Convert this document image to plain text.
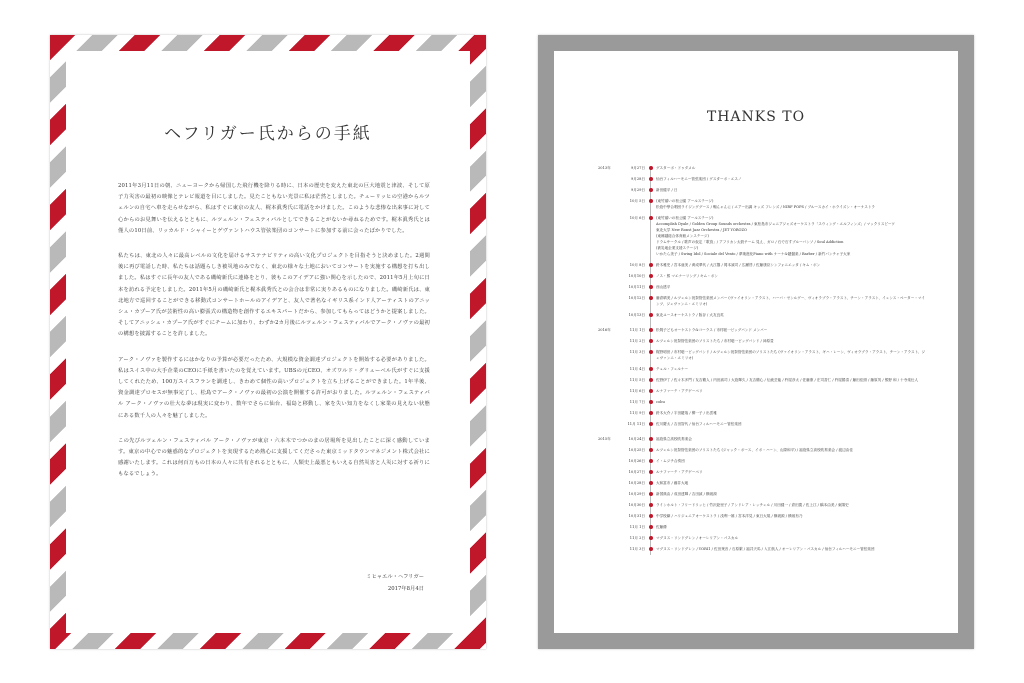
ヘフリガー氏からの手紙

2011年3月11日の朝、ニューヨークから帰国した飛行機を降りる時に、日本の歴史を変えた東北の巨大地震と津波、そして原子力災害の最初の映像とテレビ報道を目にしました。見たこともない光景に私は茫然としました。チューリッヒの空港からルツェルンの自宅へ車を走らせながら、私はすぐに東京の友人、梶本眞秀氏に電話をかけました。このような悲惨な出来事に対して心からのお見舞いを伝えるとともに、ルツェルン・フェスティバルとしてできることがないか尋ねるためです。梶本眞秀氏とは僅人の10日前、リッカルド・シャイーとゲヴァントハウス管弦楽団のコンサートに参加する前に会ったばかりでした。

私たちは、東北の人々に最高レベルの文化を届けるサステナビリティの高い文化プロジェクトを目指そうと決めました。2週間後に再び電話した時、私たちは話題らしき被災地のみでなく、東北の様々な土地においてコンサートを実施する構想を打ち出しました。私はすぐに長年の友人である磯崎新氏に連絡をとり、彼もこのアイデアに強い関心を示したので、2011年5月上旬に日本を訪れる予定をしました。2011年5月の磯崎新氏と梶本眞秀氏との会合は非常に実りあるものになりました。磯崎新氏は、東北地方で巡回することができる移動式コンサートホールのアイデアと、友人で著名なイギリス系インド人アーティストのアニッシュ・カプーア氏が芸術性の高い膨張式の構造物を創作するエキスパートだから、参加してもらってはどうかと提案しました。そしてアニッシュ・カプーア氏がすぐにチームに加わり、わずか2カ月後にルツェルン・フェスティバルでアーク・ノヴァの最初の構想を披露することを許しました。

アーク・ノヴァを製作するにはかなりの予算が必要だったため、大規模な資金調達プロジェクトを開始する必要がありました。私はスイス中の大手企業のCEOに手紙を書いたのを覚えています。UBSの元CEO、オズワルド・グリューベル氏がすぐに支援してくれたため、100万スイスフランを調達し、きわめて個性の高いプロジェクトを立ち上げることができました。1年半後、資金調達プロセスが無事完了し、松島でアーク・ノヴァの最初の公演を開催する許可がおりました。ルツェルン・フェスティバル アーク・ノヴァの壮大な夢は現実に変わり、数年でさらに仙台、福島と移動し、家を失い知力をなくし家業の見えない状態にある数千人の人々を魅了しました。

この先びルツェルン・フェスティバル アーク・ノヴァが東京・六本木でつかのまの居場所を見出したことに深く感動しています。東京の中心での魅惑的なプロジェクトを実現するため熱心に支援してくださった東京ミッドタウンマネジメント株式会社に感謝いたします。これは何百万もの日本の人々に共有されるとともに、人類史上最悪ともいえる自然災害と人災に対する祈りにもなるでしょう。

ミヒャエル・ヘフリガー
2017年8月4日
THANKS TO
2013年	9月27日	グスターボ・ドゥダメル
9月28日	仙台フィルハーモニー管弦楽団 / グスターボ・エスノ
9月29日	新田健平 / 日
10月 5日	(東竹頭いの松公園 アールステージ)
松島中學合唱団ライジンググース / 蜘んゃんに / エアー出調 キッズ フレンズ / NIRF POPS / ブルースカイ・ホライズン・オーケストラ
10月 6日	(東竹頭いの松公園 アールステージ)
Accomplish Dyale / Golden Group Sounds orchestra / 東松島市ジュニアジャズオーケストラ「スウィング・エルフィンズ」/ マックリスピーツ
東北大学 New Ronst Jazz Orchestra / JET YOROZO
(東郷越総合体育館メンステージ)
ドラムサークル / 歌声の仮定「歌鳥」/ アフリカン太鼓チーム 見え、ガロ / 石で石すブルーバンソ / Soul Addiction
(被災地企業支援ステージ)
いかたら美子 / Swing Idol / Sociale del Vento / 夢琉進化Piano with ケーナ&鍵盤楽 / Barber / 新竹パンチャ子大家
10月 8日	鈴木雅史 / 宮本亜美 / 黄成華代 / 大江馨 / 岡本誠司 / 広瀬啓 / 佐藤康臣シンフォニエッタ / キム・ボン
10月10日	ノス・熊 マエナーリング / キム・ボン
10月11日	西山透平
10月12日	藤倉晴美 / ルツェルン祝祭管弦楽団メンバー (ヴァイオリン・アラスト、ハーバ・ゼンルグー、ヴィオラブラ・アラスト、チーン・アラスト、イェンス・ペーター・マインツ、ジェヴァンニ・エミリオ)
10月13日	東北ユースオーケストラ / 阪谷 / 大友良英
2016年	11月 1日	松岡子どもオーケストラ&コーラス / 市村聡一ビッグバンド メンバー
11月 2日	ルツェルン祝祭管弦楽団のソリストたち / 市村聡一ビッグバンド / 神原豊
11月 3日	梶野明世 / 市村聡一ビッグバンド / ルツェルン祝祭管弦楽団のソリストたち (ヴァイオリン・アラスト、ギハ・レーン、ヴィオラブラ・アラスト、チーン・アラスト、ジェヴァンニ・エミリオ)
11月 4日	テュル・フェルナー
11月 5日	佐野伊丁 / 佐々木多門 / 友吉鶴人 / 内田誠司 / 大島輝久 / 友吉鶴心 / 伝統芸能 / 杵屋彦太 / 佐藤康 / 庄司香仁 / 杵屋勝清 / 藤田佳照 / 藤原茂 / 熊野 和 / 十寺楽仕人
11月 6日	ルナファーテ・アデゲーベリ
11月 7日	cobu
11月 9日	鈴木大介 / 宇田鍵哉 / 柳一子 / 出雲雅
11月 11日	佐川慶太 / 吉田智代 / 仙台フィルハーモニー管弦楽団
2015年	10月24日	福島県立高校吹奏楽会
10月25日	ルツェルン祝祭管弦楽団のソリストたち (ジャック・ボース、イボ・ハーン、山際和平) / 福島県立高校吹奏楽会 / 渡辺由佳
10月26日	イ・ムジチ合奏団
10月27日	ルナファーテ・アデゲーベリ
10月28日	大和富市 / 藤井大地
10月29日	新国典由 / 成田達輝 / 吉田誠 / 横坂源
10月30日	ラインホルト・フリードリッヒ / 竹沢絵里子 / アンドレア・レッチェル / 川田健一 / 倉田寛 / 佐上江 / 橋本由美 / 東陽史
10月31日	中学校劇 / ハリジュニアオーケストラ / 浅利一雄 / 宮本洋見 / 東日大規 / 横坂源 / 横坂有乃
11月 1日	佐藤優
11月 2日	マグヌス・リンドグレン / オーレリアン・パスカル
11月 3日	マグヌス・リンドグレン / YORI1 / 佐田衆音 / 石原繁 / 福井天馬 / 入江航人 / オーレリアン・パスカル / 仙台フィルハーモニー管弦楽団
